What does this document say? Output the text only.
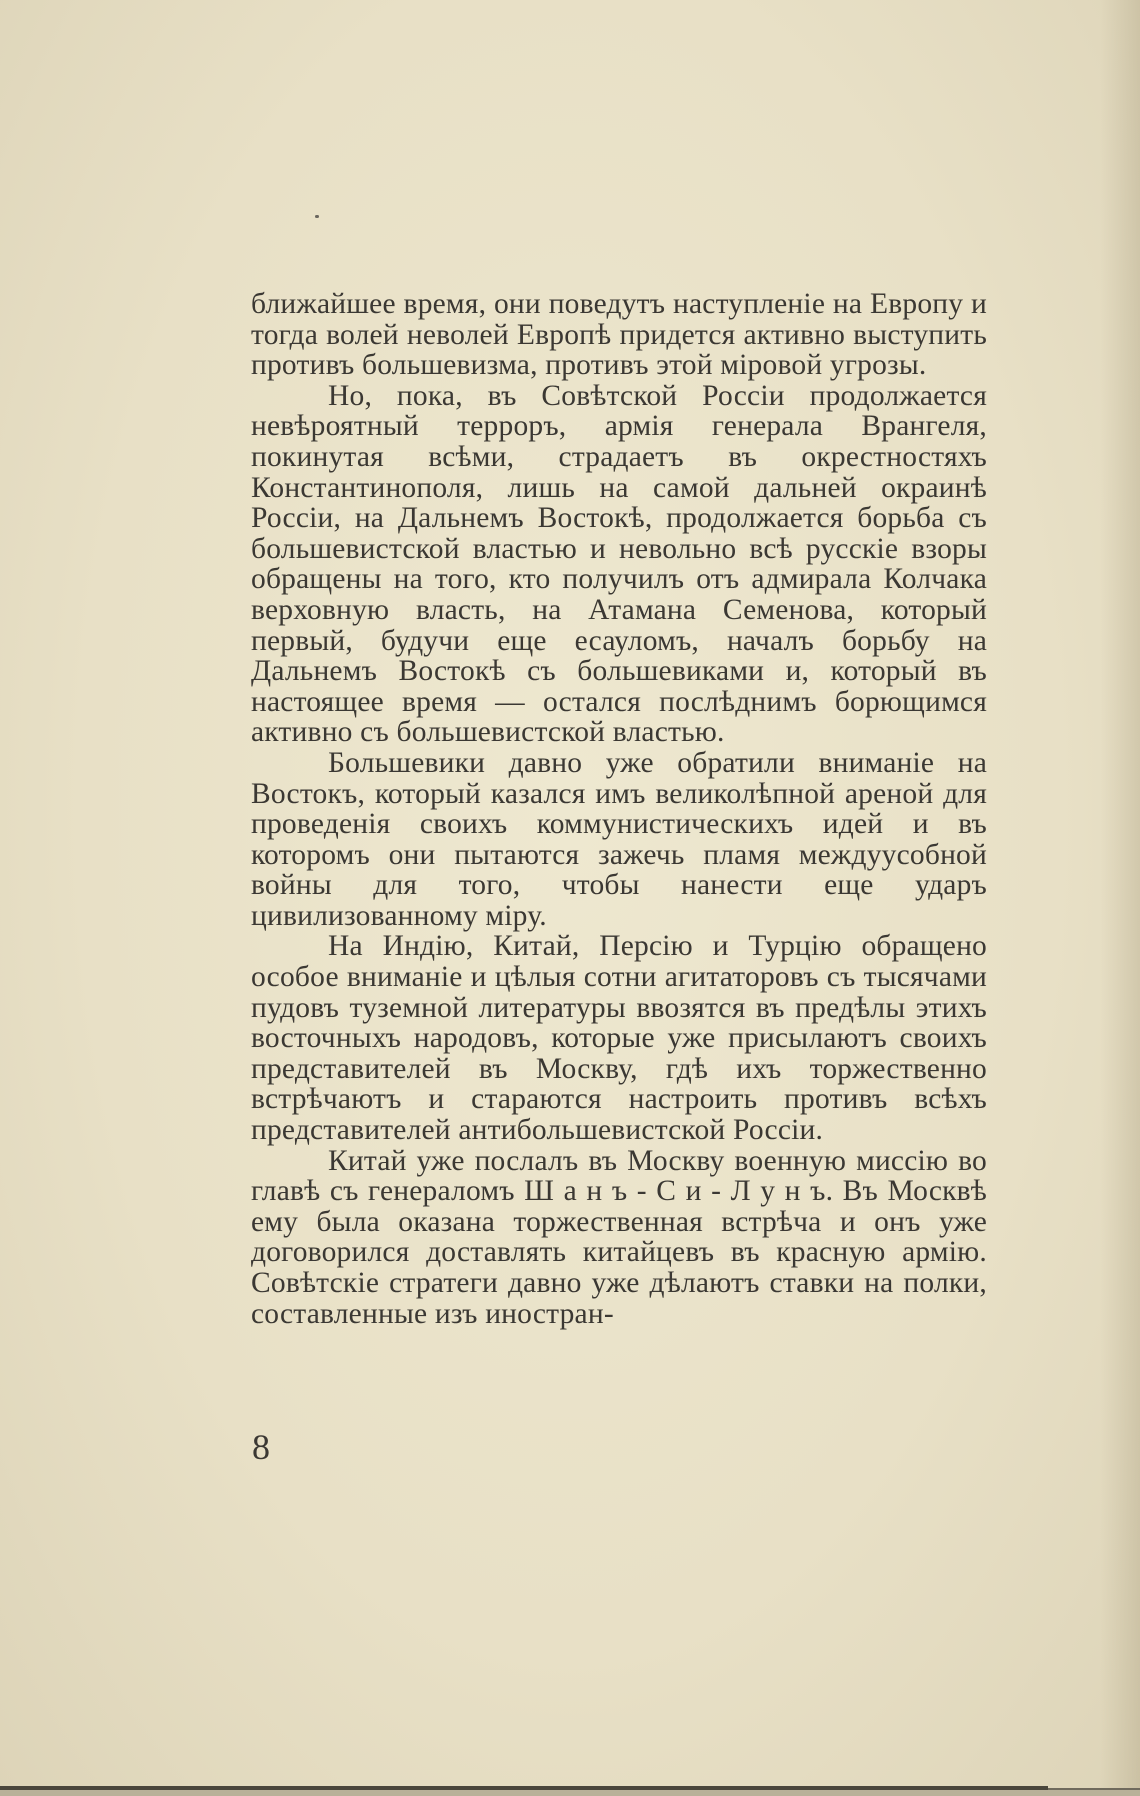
ближайшее время, они поведутъ наступленіе на Европу и тогда волей неволей Европѣ придется активно выступить противъ большевизма, противъ этой міровой угрозы.

Но, пока, въ Совѣтской Россіи продолжается невѣроятный терроръ, армія генерала Врангеля, покинутая всѣми, страдаетъ въ окрестностяхъ Константинополя, лишь на самой дальней окраинѣ Россіи, на Дальнемъ Востокѣ, продолжается борьба съ большевистской властью и невольно всѣ русскіе взоры обращены на того, кто получилъ отъ адмирала Колчака верховную власть, на Атамана Семенова, который первый, будучи еще есауломъ, началъ борьбу на Дальнемъ Востокѣ съ большевиками и, который въ настоящее время — остался послѣднимъ борющимся активно съ большевистской властью.

Большевики давно уже обратили вниманіе на Востокъ, который казался имъ великолѣпной ареной для проведенія своихъ коммунистическихъ идей и въ которомъ они пытаются зажечь пламя междуусобной войны для того, чтобы нанести еще ударъ цивилизованному міру.

На Индію, Китай, Персію и Турцію обращено особое вниманіе и цѣлыя сотни агитаторовъ съ тысячами пудовъ туземной литературы ввозятся въ предѣлы этихъ восточныхъ народовъ, которые уже присылаютъ своихъ представителей въ Москву, гдѣ ихъ торжественно встрѣчаютъ и стараются настроить противъ всѣхъ представителей антибольшевистской Россіи.

Китай уже послалъ въ Москву военную миссію во главѣ съ генераломъ Ш а н ъ - С и - Л у н ъ. Въ Москвѣ ему была оказана торжественная встрѣча и онъ уже договорился доставлять китайцевъ въ красную армію. Совѣтскіе стратеги давно уже дѣлаютъ ставки на полки, составленные изъ иностран-

8
